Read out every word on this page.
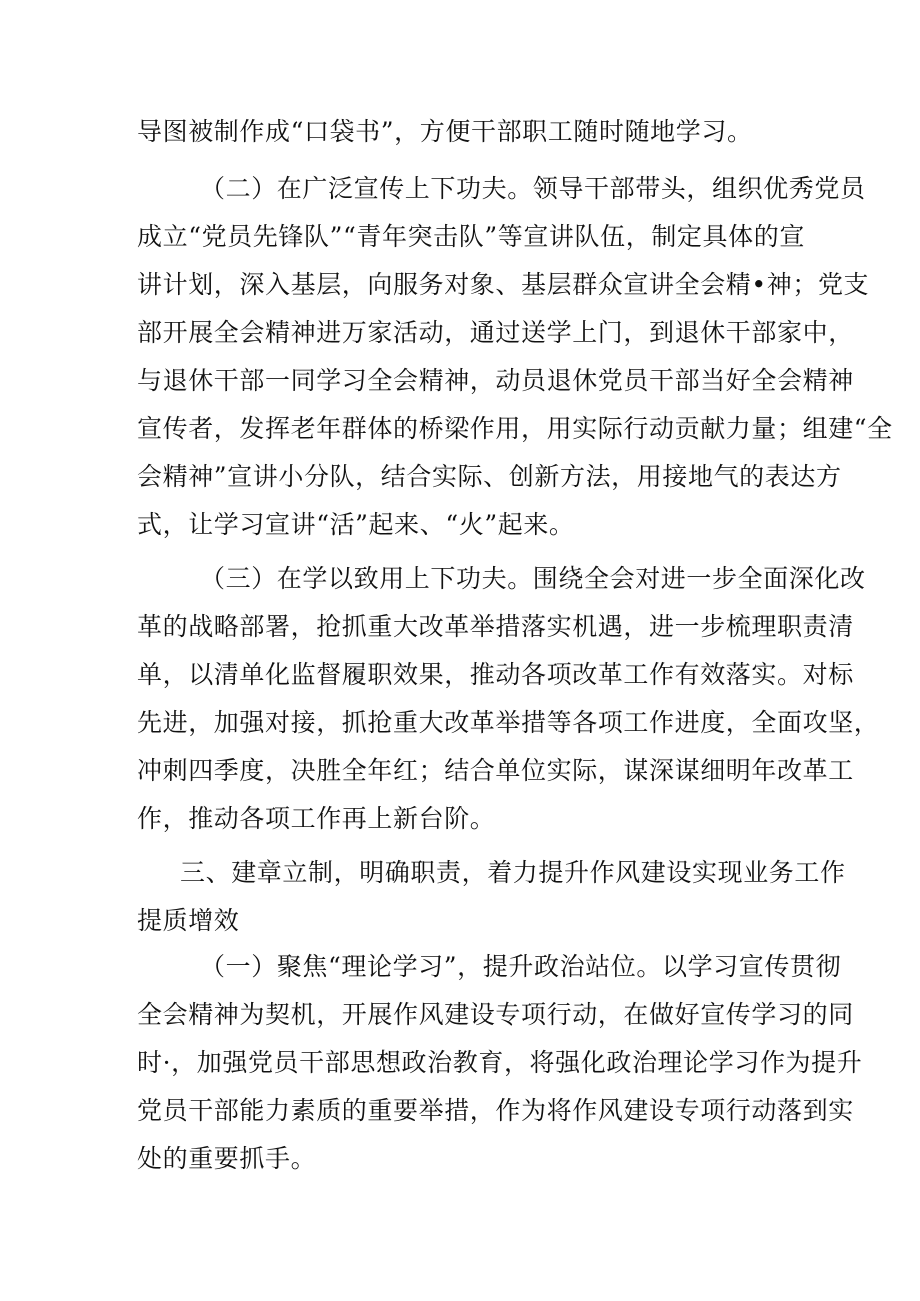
导图被制作成“口袋书”，方便干部职工随时随地学习。
（二）在广泛宣传上下功夫。领导干部带头，组织优秀党员
成立“党员先锋队”“青年突击队”等宣讲队伍，制定具体的宣
讲计划，深入基层，向服务对象、基层群众宣讲全会精•神；党支
部开展全会精神进万家活动，通过送学上门，到退休干部家中，
与退休干部一同学习全会精神，动员退休党员干部当好全会精神
宣传者，发挥老年群体的桥梁作用，用实际行动贡献力量；组建“全
会精神”宣讲小分队，结合实际、创新方法，用接地气的表达方
式，让学习宣讲“活”起来、“火”起来。
（三）在学以致用上下功夫。围绕全会对进一步全面深化改
革的战略部署，抢抓重大改革举措落实机遇，进一步梳理职责清
单，以清单化监督履职效果，推动各项改革工作有效落实。对标
先进，加强对接，抓抢重大改革举措等各项工作进度，全面攻坚，
冲刺四季度，决胜全年红；结合单位实际，谋深谋细明年改革工
作，推动各项工作再上新台阶。
三、建章立制，明确职责，着力提升作风建设实现业务工作
提质增效
（一）聚焦“理论学习”，提升政治站位。以学习宣传贯彻
全会精神为契机，开展作风建设专项行动，在做好宣传学习的同
时·，加强党员干部思想政治教育，将强化政治理论学习作为提升
党员干部能力素质的重要举措，作为将作风建设专项行动落到实
处的重要抓手。
